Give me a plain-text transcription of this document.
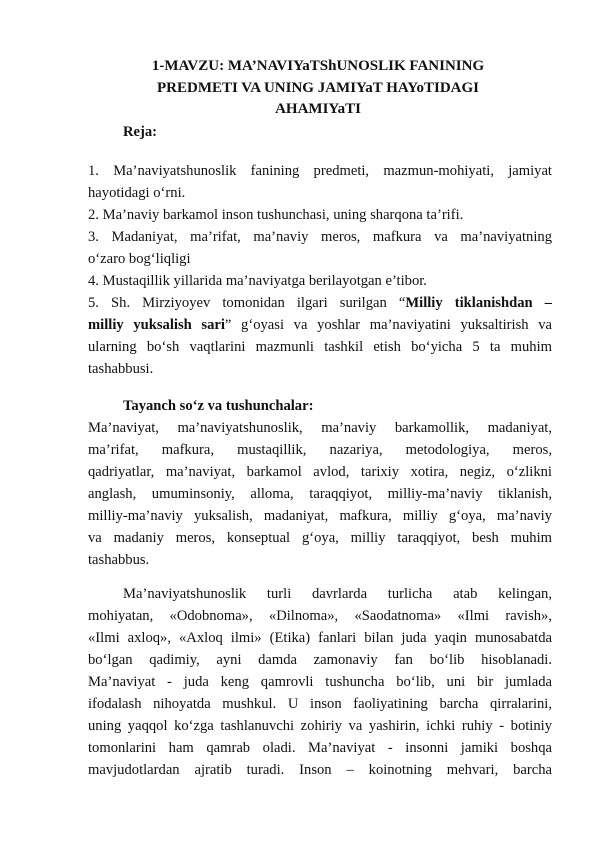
1-MAVZU: MA’NAVIYaTShUNOSLIK FANINING
PREDMETI VA UNING JAMIYaT HAYoTIDAGI
AHAMIYaTI
Reja:
1. Ma’naviyatshunoslik fanining predmeti, mazmun-mohiyati, jamiyat
hayotidagi o‘rni.
2. Ma’naviy barkamol inson tushunchasi, uning sharqona ta’rifi.
3. Madaniyat, ma’rifat, ma’naviy meros, mafkura va ma’naviyatning
o‘zaro bog‘liqligi
4. Mustaqillik yillarida ma’naviyatga berilayotgan e’tibor.
5. Sh. Mirziyoyev tomonidan ilgari surilgan “Milliy tiklanishdan –
milliy yuksalish sari” g‘oyasi va yoshlar ma’naviyatini yuksaltirish va
ularning bo‘sh vaqtlarini mazmunli tashkil etish bo‘yicha 5 ta muhim
tashabbusi.
Tayanch so‘z va tushunchalar:
Ma’naviyat, ma’naviyatshunoslik, ma’naviy barkamollik, madaniyat,
ma’rifat, mafkura, mustaqillik, nazariya, metodologiya, meros,
qadriyatlar, ma’naviyat, barkamol avlod, tarixiy xotira, negiz, o‘zlikni
anglash, umuminsoniy, alloma, taraqqiyot, milliy-ma’naviy tiklanish,
milliy-ma’naviy yuksalish, madaniyat, mafkura, milliy g‘oya, ma’naviy
va madaniy meros, konseptual g‘oya, milliy taraqqiyot, besh muhim
tashabbus.
Ma’naviyatshunoslik turli davrlarda turlicha atab kelingan,
mohiyatan, «Odobnoma», «Dilnoma», «Saodatnoma» «Ilmi ravish»,
«Ilmi axloq», «Axloq ilmi» (Etika) fanlari bilan juda yaqin munosabatda
bo‘lgan qadimiy, ayni damda zamonaviy fan bo‘lib hisoblanadi.
Ma’naviyat - juda keng qamrovli tushuncha bo‘lib, uni bir jumlada
ifodalash nihoyatda mushkul. U inson faoliyatining barcha qirralarini,
uning yaqqol ko‘zga tashlanuvchi zohiriy va yashirin, ichki ruhiy - botiniy
tomonlarini ham qamrab oladi. Ma’naviyat - insonni jamiki boshqa
mavjudotlardan ajratib turadi. Inson – koinotning mehvari, barcha
